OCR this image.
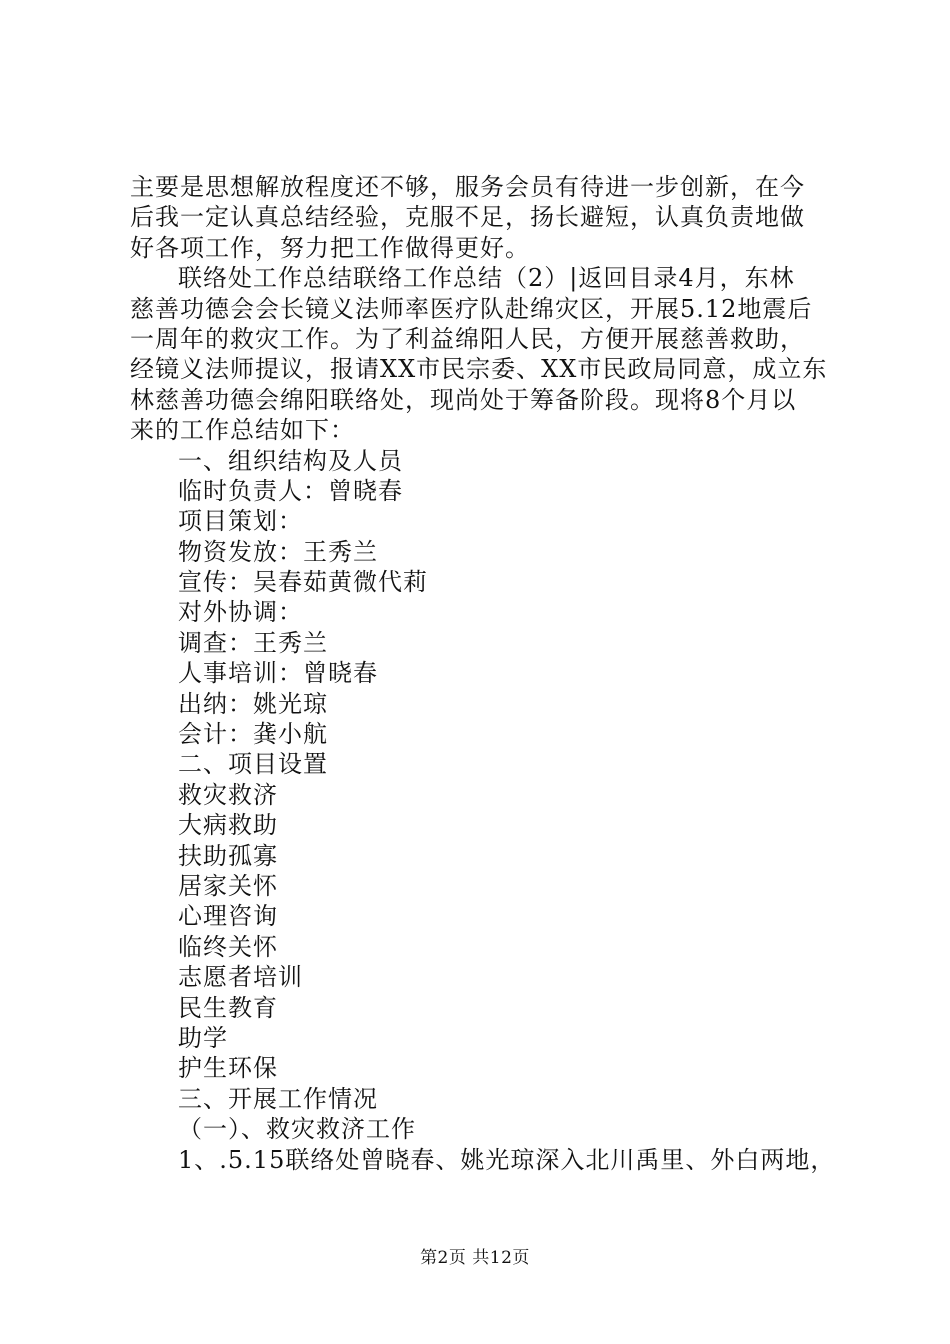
主要是思想解放程度还不够，服务会员有待进一步创新，在今
后我一定认真总结经验，克服不足，扬长避短，认真负责地做
好各项工作，努力把工作做得更好。
联络处工作总结联络工作总结（2）|返回目录4月，东林
慈善功德会会长镜义法师率医疗队赴绵灾区，开展5.12地震后
一周年的救灾工作。为了利益绵阳人民，方便开展慈善救助，
经镜义法师提议，报请XX市民宗委、XX市民政局同意，成立东
林慈善功德会绵阳联络处，现尚处于筹备阶段。现将8个月以
来的工作总结如下：
一、组织结构及人员
临时负责人：曾晓春
项目策划：
物资发放：王秀兰
宣传：吴春茹黄微代莉
对外协调：
调查：王秀兰
人事培训：曾晓春
出纳：姚光琼
会计：龚小航
二、项目设置
救灾救济
大病救助
扶助孤寡
居家关怀
心理咨询
临终关怀
志愿者培训
民生教育
助学
护生环保
三、开展工作情况
（一）、救灾救济工作
1、.5.15联络处曾晓春、姚光琼深入北川禹里、外白两地，
第2页 共12页
